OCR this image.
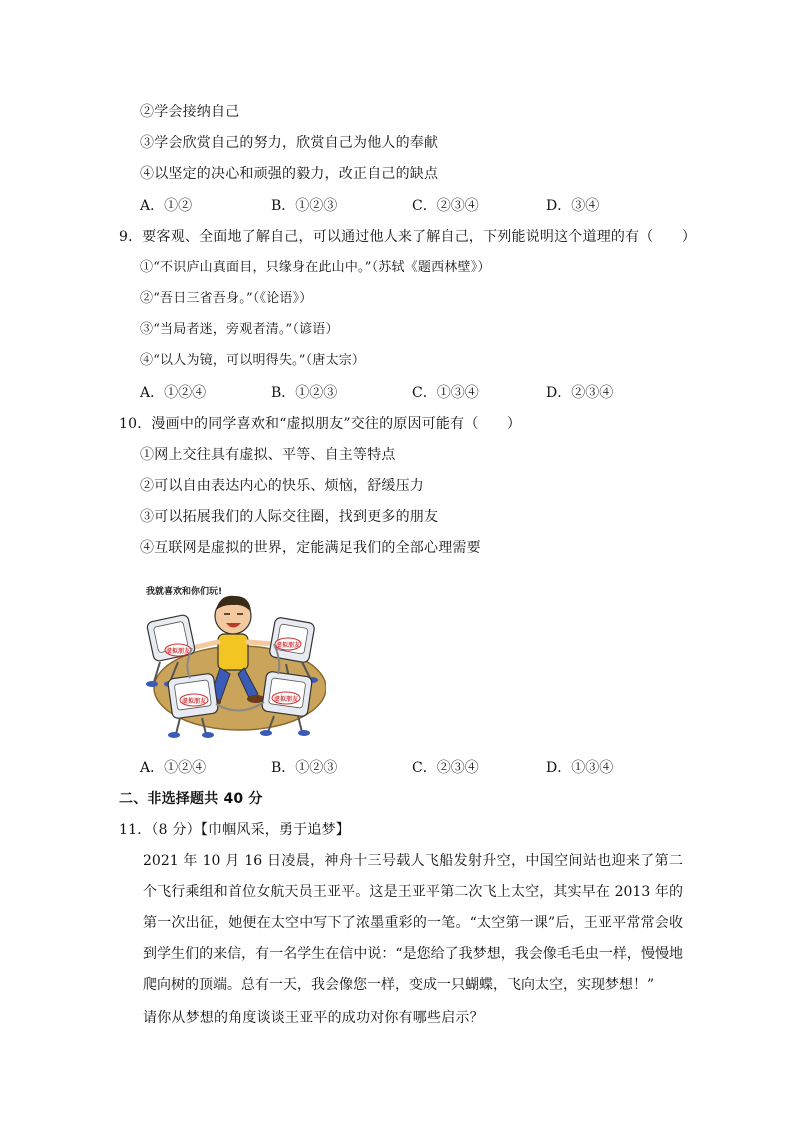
②学会接纳自己
③学会欣赏自己的努力，欣赏自己为他人的奉献
④以坚定的决心和顽强的毅力，改正自己的缺点
A．①②	B．①②③	C．②③④	D．③④
9．要客观、全面地了解自己，可以通过他人来了解自己，下列能说明这个道理的有（　　）
①“不识庐山真面目，只缘身在此山中。”（苏轼《题西林壁》）
②“吾日三省吾身。”（《论语》）
③“当局者迷，旁观者清。”（谚语）
④“以人为镜，可以明得失。”（唐太宗）
A．①②④	B．①②③	C．①③④	D．②③④
10．漫画中的同学喜欢和“虚拟朋友”交往的原因可能有（　　）
①网上交往具有虚拟、平等、自主等特点
②可以自由表达内心的快乐、烦恼，舒缓压力
③可以拓展我们的人际交往圈，找到更多的朋友
④互联网是虚拟的世界，定能满足我们的全部心理需要
我就喜欢和你们玩!
虚拟朋友
虚拟朋友
虚拟朋友	虚拟朋友
A．①②④	B．①②③	C．②③④	D．①③④
二、非选择题共 40 分
11．（8 分）【巾帼风采，勇于追梦】

2021 年 10 月 16 日凌晨，神舟十三号载人飞船发射升空，中国空间站也迎来了第二个飞行乘组和首位女航天员王亚平。这是王亚平第二次飞上太空，其实早在 2013 年的第一次出征，她便在太空中写下了浓墨重彩的一笔。“太空第一课”后，王亚平常常会收到学生们的来信，有一名学生在信中说：“是您给了我梦想，我会像毛毛虫一样，慢慢地爬向树的顶端。总有一天，我会像您一样，变成一只蝴蝶，飞向太空，实现梦想！”

请你从梦想的角度谈谈王亚平的成功对你有哪些启示？
